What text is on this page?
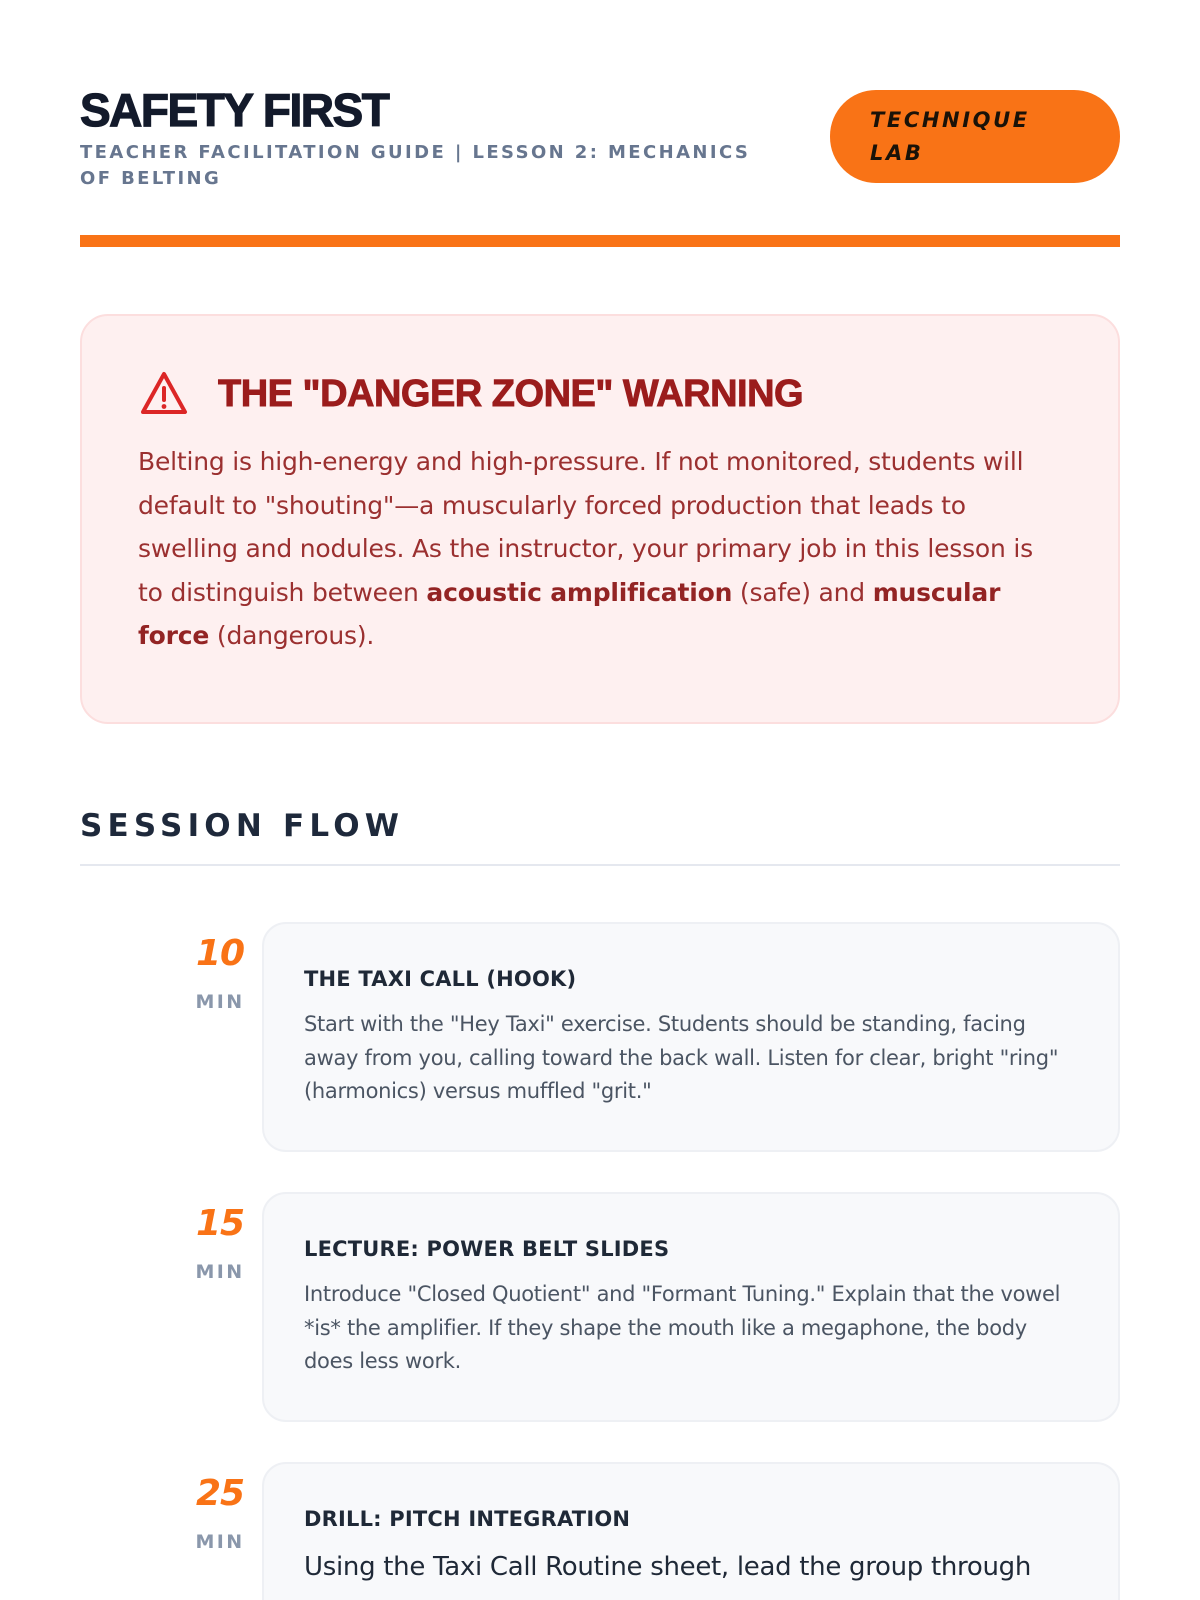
SAFETY FIRST
TEACHER FACILITATION GUIDE | LESSON 2: MECHANICS OF BELTING
TECHNIQUE LAB
THE "DANGER ZONE" WARNING

Belting is high-energy and high-pressure. If not monitored, students will default to "shouting"—a muscularly forced production that leads to swelling and nodules. As the instructor, your primary job in this lesson is to distinguish between acoustic amplification (safe) and muscular force (dangerous).

SESSION FLOW
10
MIN
THE TAXI CALL (HOOK)
Start with the "Hey Taxi" exercise. Students should be standing, facing away from you, calling toward the back wall. Listen for clear, bright "ring" (harmonics) versus muffled "grit."
15
MIN
LECTURE: POWER BELT SLIDES
Introduce "Closed Quotient" and "Formant Tuning." Explain that the vowel *is* the amplifier. If they shape the mouth like a megaphone, the body does less work.
25
MIN
DRILL: PITCH INTEGRATION
Using the Taxi Call Routine sheet, lead the group through
